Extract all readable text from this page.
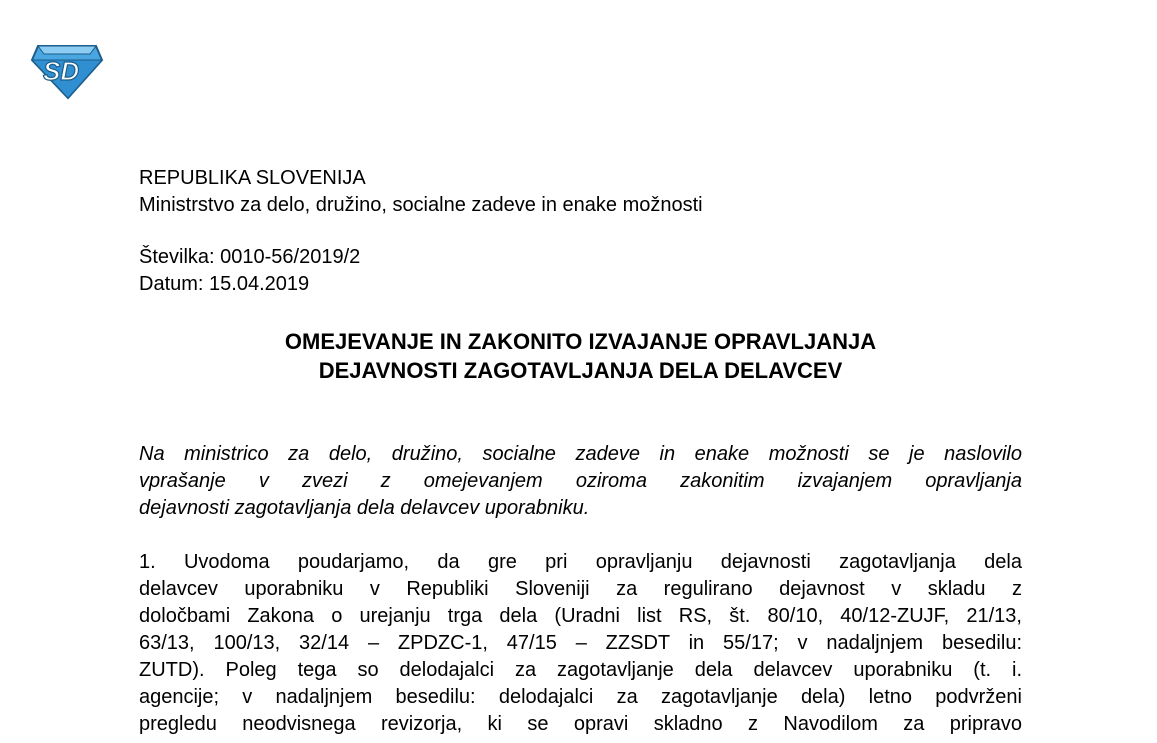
SD
REPUBLIKA SLOVENIJA
Ministrstvo za delo, družino, socialne zadeve in enake možnosti
Številka: 0010-56/2019/2
Datum: 15.04.2019
OMEJEVANJE IN ZAKONITO IZVAJANJE OPRAVLJANJA
DEJAVNOSTI ZAGOTAVLJANJA DELA DELAVCEV
Na ministrico za delo, družino, socialne zadeve in enake možnosti se je naslovilo
vprašanje v zvezi z omejevanjem oziroma zakonitim izvajanjem opravljanja
dejavnosti zagotavljanja dela delavcev uporabniku.
1. Uvodoma poudarjamo, da gre pri opravljanju dejavnosti zagotavljanja dela
delavcev uporabniku v Republiki Sloveniji za regulirano dejavnost v skladu z
določbami Zakona o urejanju trga dela (Uradni list RS, št. 80/10, 40/12-ZUJF, 21/13,
63/13, 100/13, 32/14 – ZPDZC-1, 47/15 – ZZSDT in 55/17; v nadaljnjem besedilu:
ZUTD). Poleg tega so delodajalci za zagotavljanje dela delavcev uporabniku (t. i.
agencije; v nadaljnjem besedilu: delodajalci za zagotavljanje dela) letno podvrženi
pregledu neodvisnega revizorja, ki se opravi skladno z Navodilom za pripravo
